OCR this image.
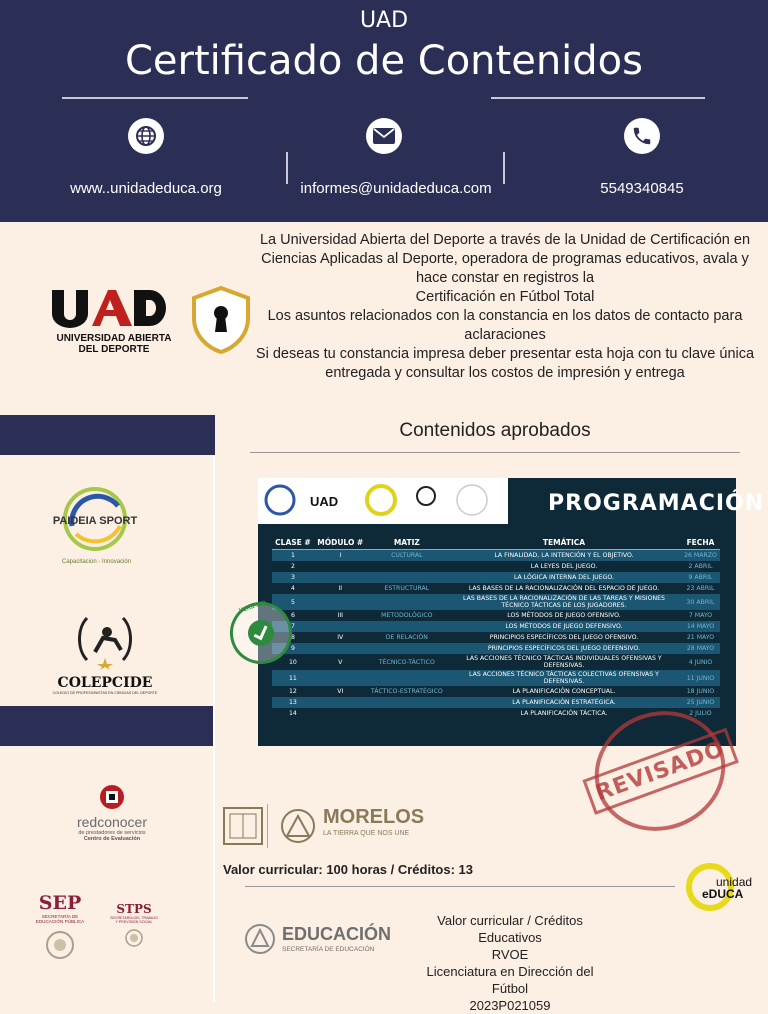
UAD
Certificado de Contenidos
www..unidadeduca.org	informes@unidadeduca.com	5549340845
UNIVERSIDAD ABIERTA DEL DEPORTE
La Universidad Abierta del Deporte a través de la Unidad de Certificación en Ciencias Aplicadas al Deporte, operadora de programas educativos, avala y hace constar en registros la
Certificación en Fútbol Total
Los asuntos relacionados con la constancia en los datos de contacto para aclaraciones
Si deseas tu constancia impresa deber presentar esta hoja con tu clave única entregada y consultar los costos de impresión y entrega
PAIDEIA SPORT
Capacitacion - Innovación
COLEPCIDE
COLEGIO DE PROFESIONISTAS EN CIENCIAS DEL DEPORTE
Contenidos aprobados
UAD	PROGRAMACIÓN
CLASE #	MÓDULO #	MATIZ	TEMÁTICA	FECHA
1	I	CULTURAL	LA FINALIDAD, LA INTENCIÓN Y EL OBJETIVO.	26 MARZO
2			LA LEYES DEL JUEGO.	2 ABRIL
3			LA LÓGICA INTERNA DEL JUEGO.	9 ABRIL
4	II	ESTRUCTURAL	LAS BASES DE LA RACIONALIZACIÓN DEL ESPACIO DE JUEGO.	23 ABRIL
5			LAS BASES DE LA RACIONALIZACIÓN DE LAS TAREAS Y MISIONES TÉCNICO TÁCTICAS DE LOS JUGADORES.	30 ABRIL
6	III	METODOLÓGICO	LOS MÉTODOS DE JUEGO OFENSIVO.	7 MAYO
7			LOS MÉTODOS DE JUEGO DEFENSIVO.	14 MAYO
8	IV	DE RELACIÓN	PRINCIPIOS ESPECÍFICOS DEL JUEGO OFENSIVO.	21 MAYO
9			PRINCIPIOS ESPECÍFICOS DEL JUEGO DEFENSIVO.	28 MAYO
10	V	TÉCNICO-TÁCTICO	LAS ACCIONES TÉCNICO TÁCTICAS INDIVIDUALES OFENSIVAS Y DEFENSIVAS.	4 JUNIO
11			LAS ACCIONES TÉCNICO TÁCTICAS COLECTIVAS OFENSIVAS Y DEFENSIVAS.	11 JUNIO
12	VI	TÁCTICO-ESTRATÉGICO	LA PLANIFICACIÓN CONCEPTUAL.	18 JUNIO
13			LA PLANIFICACIÓN ESTRATÉGICA.	25 JUNIO
14			LA PLANIFICACIÓN TÁCTICA.	2 JULIO
VERIFIED
REVISADO
redconocer
de prestadores de servicios
Centro de Evaluación
SEP
SECRETARÍA DE EDUCACIÓN PÚBLICA
STPS
SECRETARÍA DEL TRABAJO Y PREVISIÓN SOCIAL
MORELOS
LA TIERRA QUE NOS UNE
Valor curricular: 100 horas / Créditos: 13
unidad
eDUCA
EDUCACIÓN
SECRETARÍA DE EDUCACIÓN
Valor curricular / Créditos Educativos
RVOE
Licenciatura en Dirección del Fútbol
2023P021059
